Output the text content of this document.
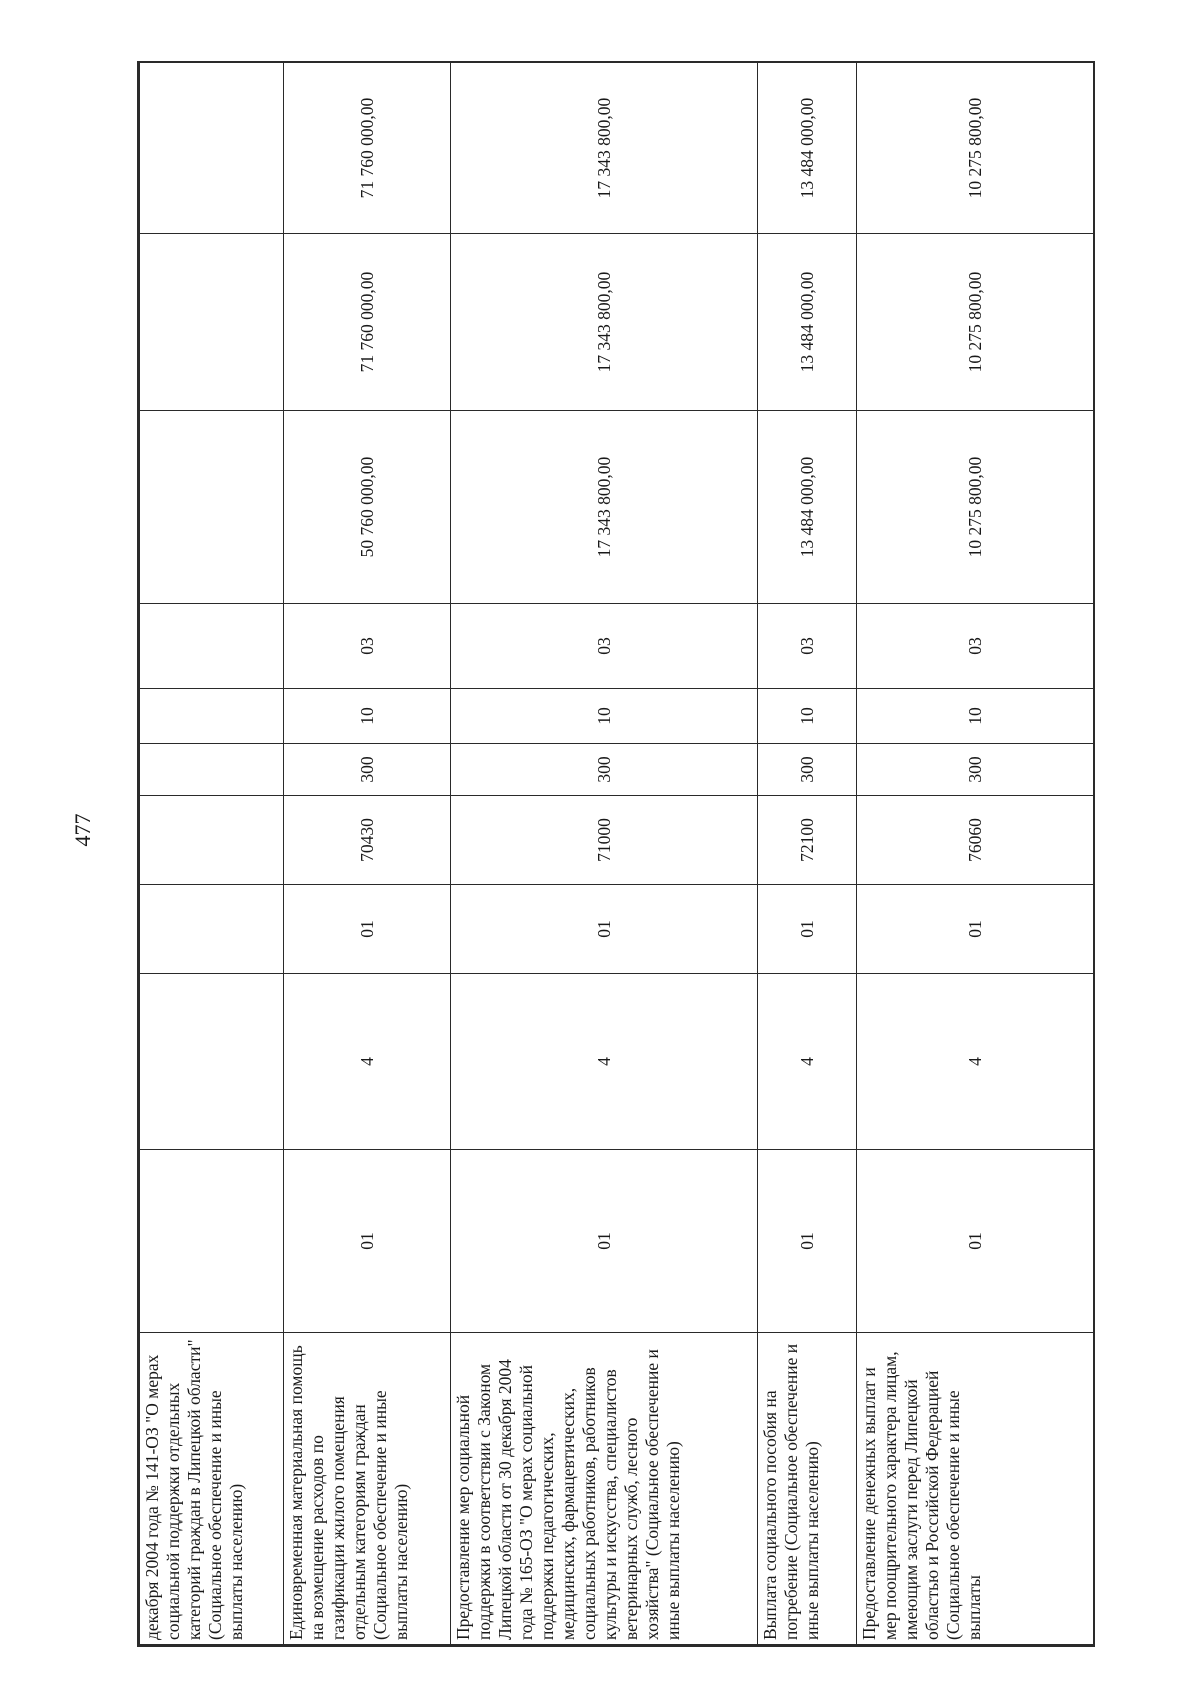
477
декабря 2004 года № 141-ОЗ "О мерах социальной поддержки отдельных категорий граждан в Липецкой области" (Социальное обеспечение и иные выплаты населению)										
Единовременная материальная помощь на возмещение расходов по газификации жилого помещения отдельным категориям граждан (Социальное обеспечение и иные выплаты населению)	01	4	01	70430	300	10	03	50 760 000,00	71 760 000,00	71 760 000,00
Предоставление мер социальной поддержки в соответствии с Законом Липецкой области от 30 декабря 2004 года № 165-ОЗ "О мерах социальной поддержки педагогических, медицинских, фармацевтических, социальных работников, работников культуры и искусства, специалистов ветеринарных служб, лесного хозяйства" (Социальное обеспечение и иные выплаты населению)	01	4	01	71000	300	10	03	17 343 800,00	17 343 800,00	17 343 800,00
Выплата социального пособия на погребение (Социальное обеспечение и иные выплаты населению)	01	4	01	72100	300	10	03	13 484 000,00	13 484 000,00	13 484 000,00
Предоставление денежных выплат и мер поощрительного характера лицам, имеющим заслуги перед Липецкой областью и Российской Федерацией (Социальное обеспечение и иные выплаты	01	4	01	76060	300	10	03	10 275 800,00	10 275 800,00	10 275 800,00
